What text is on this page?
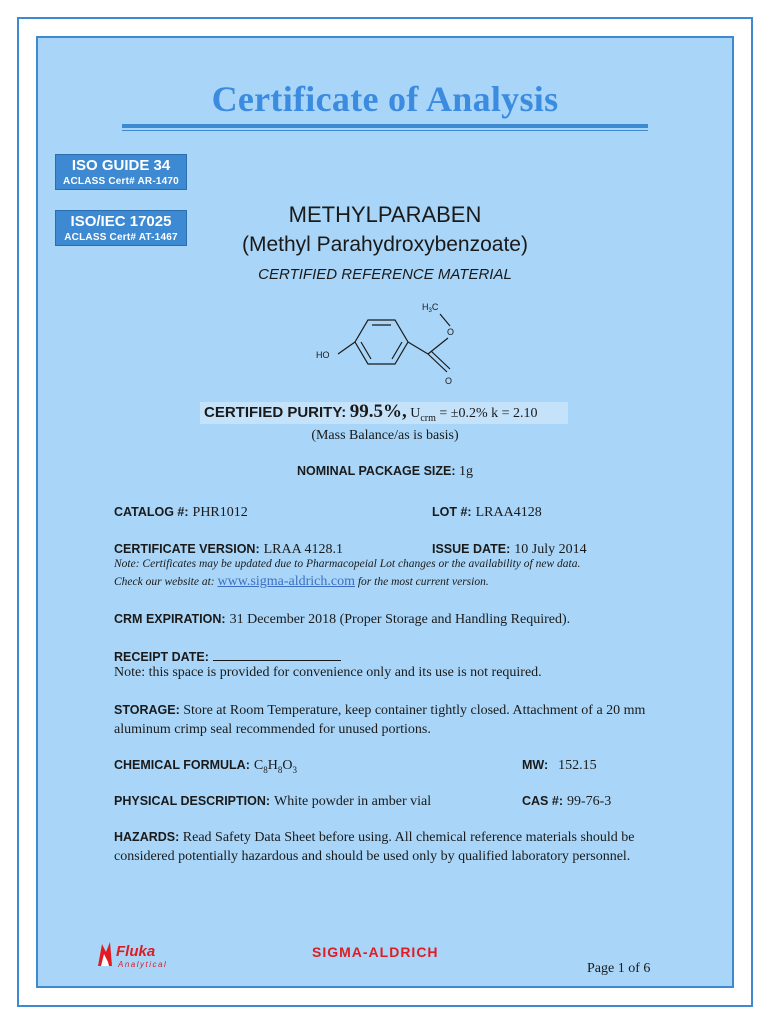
Certificate of Analysis
ISO GUIDE 34
ACLASS Cert# AR-1470
ISO/IEC 17025
ACLASS Cert# AT-1467
METHYLPARABEN
(Methyl Parahydroxybenzoate)
CERTIFIED REFERENCE MATERIAL
$H_3C$
O
HO
O
CERTIFIED PURITY: 99.5%, $U_{crm} = \pm 0.2\%$ k = 2.10
(Mass Balance/as is basis)
NOMINAL PACKAGE SIZE: 1g
CATALOG #: PHR1012	LOT #: LRAA4128
CERTIFICATE VERSION: LRAA 4128.1	ISSUE DATE: 10 July 2014
Note: Certificates may be updated due to Pharmacopeial Lot changes or the availability of new data.
Check our website at: www.sigma-aldrich.com for the most current version.
CRM EXPIRATION: 31 December 2018 (Proper Storage and Handling Required).
RECEIPT DATE:
Note: this space is provided for convenience only and its use is not required.
STORAGE: Store at Room Temperature, keep container tightly closed. Attachment of a 20 mm aluminum crimp seal recommended for unused portions.
CHEMICAL FORMULA: $C_8H_8O_3$	MW: 152.15
PHYSICAL DESCRIPTION: White powder in amber vial	CAS #: 99-76-3
HAZARDS: Read Safety Data Sheet before using. All chemical reference materials should be considered potentially hazardous and should be used only by qualified laboratory personnel.
Fluka
Analytical
SIGMA-ALDRICH
Page 1 of 6
